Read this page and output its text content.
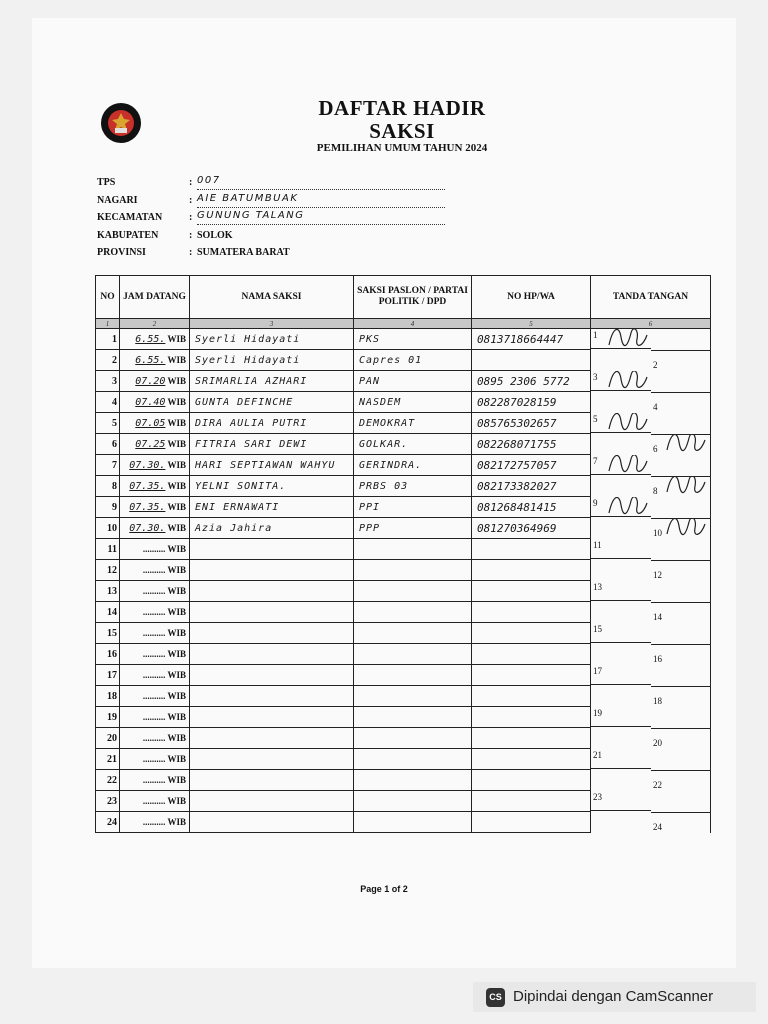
DAFTAR HADIR
SAKSI
PEMILIHAN UMUM TAHUN 2024
TPS	: 007
NAGARI	: AIE BATUMBUAK
KECAMATAN	: GUNUNG TALANG
KABUPATEN	: SOLOK
PROVINSI	: SUMATERA BARAT
NO	JAM DATANG	NAMA SAKSI	SAKSI PASLON / PARTAI POLITIK / DPD	NO HP/WA	TANDA TANGAN
1	2	3	4	5	6
1	6.55. WIB	Syerli Hidayati	PKS	0813718664447	1

2	6.55. WIB	Syerli Hidayati	Capres 01		2

3	07.20 WIB	SRIMARLIA AZHARI	PAN	0895 2306 5772	3

4	07.40 WIB	GUNTA DEFINCHE	NASDEM	082287028159	4

5	07.05 WIB	DIRA AULIA PUTRI	DEMOKRAT	085765302657	5

6	07.25 WIB	FITRIA SARI DEWI	GOLKAR.	082268071755	6

7	07.30. WIB	HARI SEPTIAWAN WAHYU	GERINDRA.	082172757057	7

8	07.35. WIB	YELNI SONITA.	PRBS 03	082173382027	8

9	07.35. WIB	ENI ERNAWATI	PPI	081268481415	9

10	07.30. WIB	Azia Jahira	PPP	081270364969	10

11	.......... WIB				11

12	.......... WIB				12

13	.......... WIB				13

14	.......... WIB				14

15	.......... WIB				15

16	.......... WIB				16

17	.......... WIB				17

18	.......... WIB				18

19	.......... WIB				19

20	.......... WIB				20

21	.......... WIB				21

22	.......... WIB				22

23	.......... WIB				23

24	.......... WIB				24
Page 1 of 2
CS Dipindai dengan CamScanner
